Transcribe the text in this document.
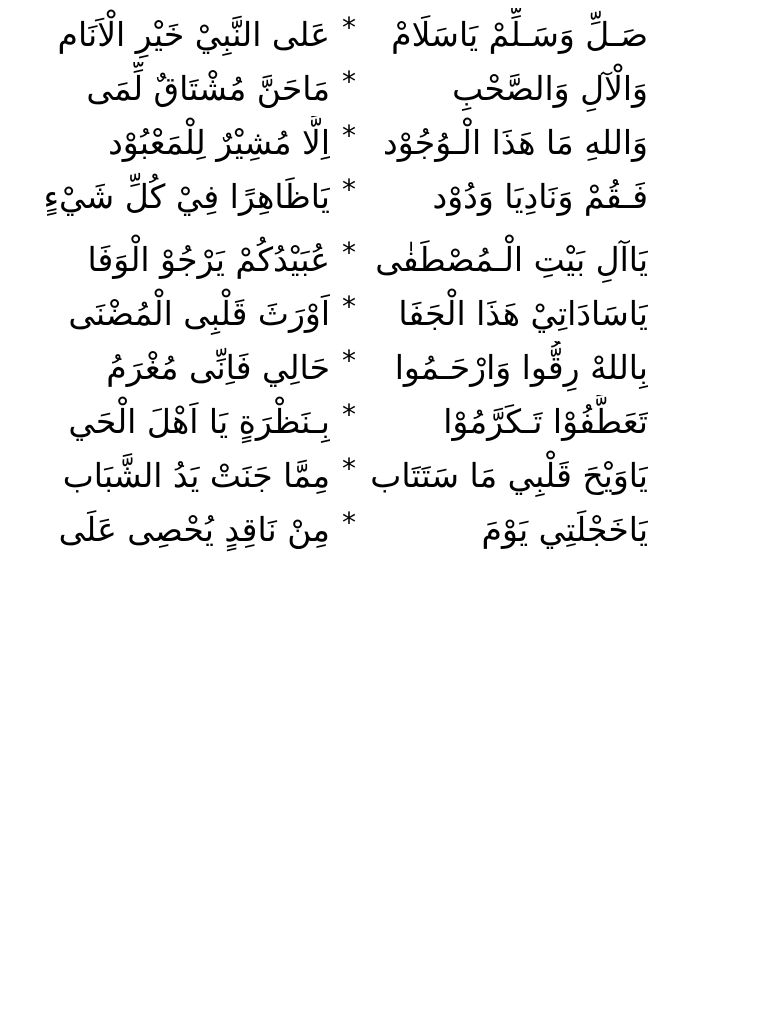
صَـلِّ وَسَـلِّمْ يَاسَلَامْ
*
عَلى النَّبِيْ خَيْرِ الْاَنَام
وَالْآلِ وَالصَّحْبِ
*
مَاحَنَّ مُشْتَاقٌ لِّمَى
وَاللهِ مَا هَذَا الْـوُجُوْد
*
اِلَّا مُشِيْرٌ لِلْمَعْبُوْد
فَـقُمْ وَنَادِيَا وَدُوْد
*
يَاظَاهِرًا فِيْ كُلِّ شَيْءٍ
يَاآلِ بَيْتِ الْـمُصْطَفٰى
*
عُبَيْدُكُمْ يَرْجُوْ الْوَفَا
يَاسَادَاتِيْ هَذَا الْجَفَا
*
اَوْرَثَ قَلْبِى الْمُضْنَى
بِاللهْ رِقُّوا وَارْحَـمُوا
*
حَالِي فَاِنِّى مُغْرَمُ
تَعَطَّفُوْا تَـكَرَّمُوْا
*
بِـنَظْرَةٍ يَا اَهْلَ الْحَي
يَاوَيْحَ قَلْبِي مَا سَتَتَاب
*
مِمَّا جَنَتْ يَدُ الشَّبَاب
يَاخَجْلَتِي يَوْمَ
*
مِنْ نَاقِدٍ يُحْصِى عَلَى
